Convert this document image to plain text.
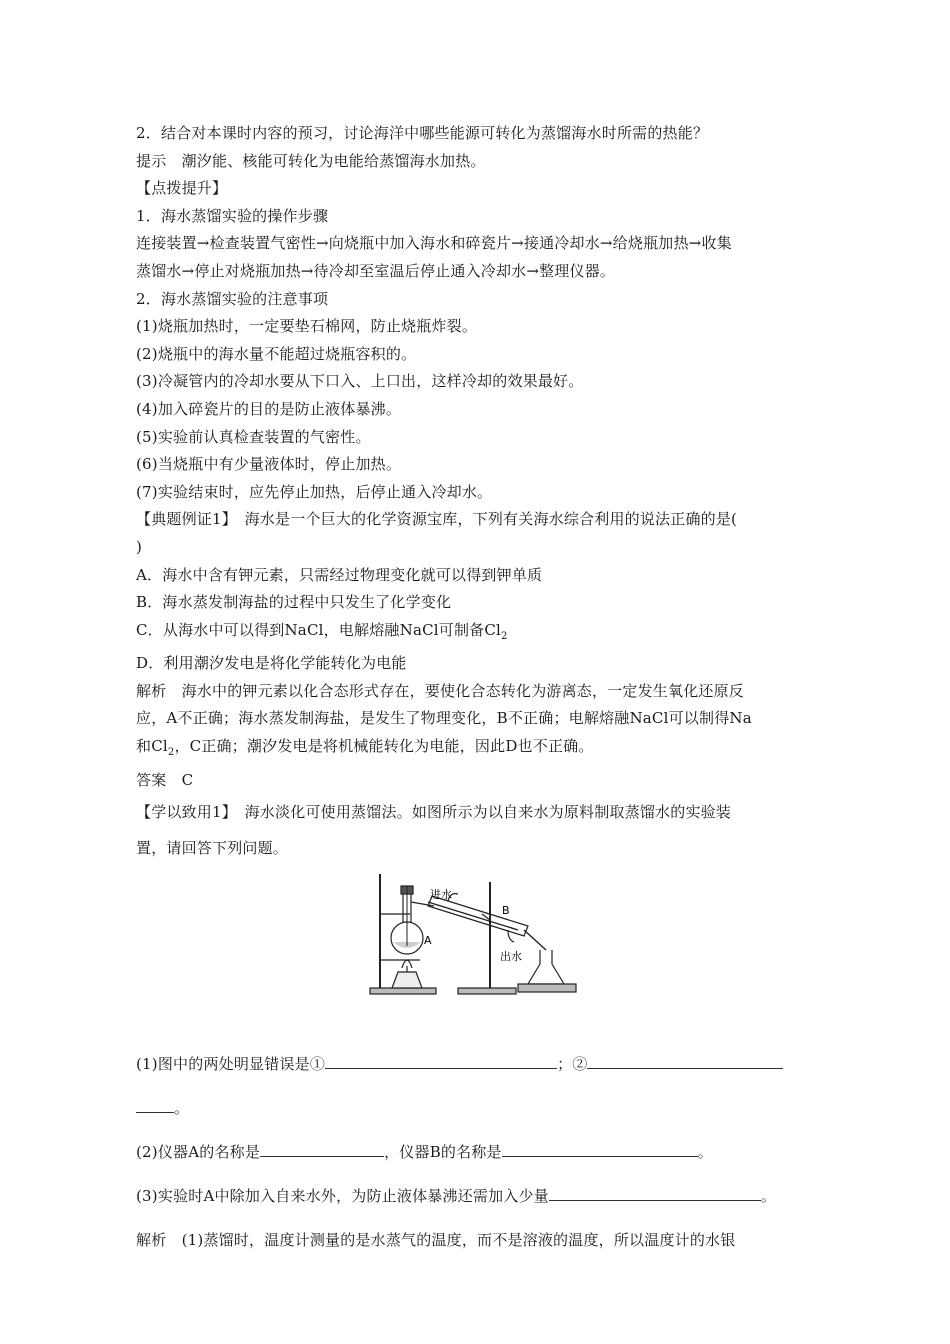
2．结合对本课时内容的预习，讨论海洋中哪些能源可转化为蒸馏海水时所需的热能？
提示　潮汐能、核能可转化为电能给蒸馏海水加热。
【点拨提升】
1．海水蒸馏实验的操作步骤
连接装置→检查装置气密性→向烧瓶中加入海水和碎瓷片→接通冷却水→给烧瓶加热→收集
蒸馏水→停止对烧瓶加热→待冷却至室温后停止通入冷却水→整理仪器。
2．海水蒸馏实验的注意事项
(1)烧瓶加热时，一定要垫石棉网，防止烧瓶炸裂。
(2)烧瓶中的海水量不能超过烧瓶容积的。
(3)冷凝管内的冷却水要从下口入、上口出，这样冷却的效果最好。
(4)加入碎瓷片的目的是防止液体暴沸。
(5)实验前认真检查装置的气密性。
(6)当烧瓶中有少量液体时，停止加热。
(7)实验结束时，应先停止加热，后停止通入冷却水。
【典题例证1】　海水是一个巨大的化学资源宝库，下列有关海水综合利用的说法正确的是(
)
A．海水中含有钾元素，只需经过物理变化就可以得到钾单质
B．海水蒸发制海盐的过程中只发生了化学变化
C．从海水中可以得到NaCl，电解熔融NaCl可制备$Cl_2$
D．利用潮汐发电是将化学能转化为电能
解析　海水中的钾元素以化合态形式存在，要使化合态转化为游离态，一定发生氧化还原反
应，A不正确；海水蒸发制海盐，是发生了物理变化，B不正确；电解熔融NaCl可以制得Na
和$Cl_2$，C正确；潮汐发电是将机械能转化为电能，因此D也不正确。
答案　C
【学以致用1】　海水淡化可使用蒸馏法。如图所示为以自来水为原料制取蒸馏水的实验装
置，请回答下列问题。
(1)图中的两处明显错误是①	；②
。
(2)仪器A的名称是	，仪器B的名称是	。
(3)实验时A中除加入自来水外，为防止液体暴沸还需加入少量	。
解析　(1)蒸馏时，温度计测量的是水蒸气的温度，而不是溶液的温度，所以温度计的水银
进水
B
A
出水
